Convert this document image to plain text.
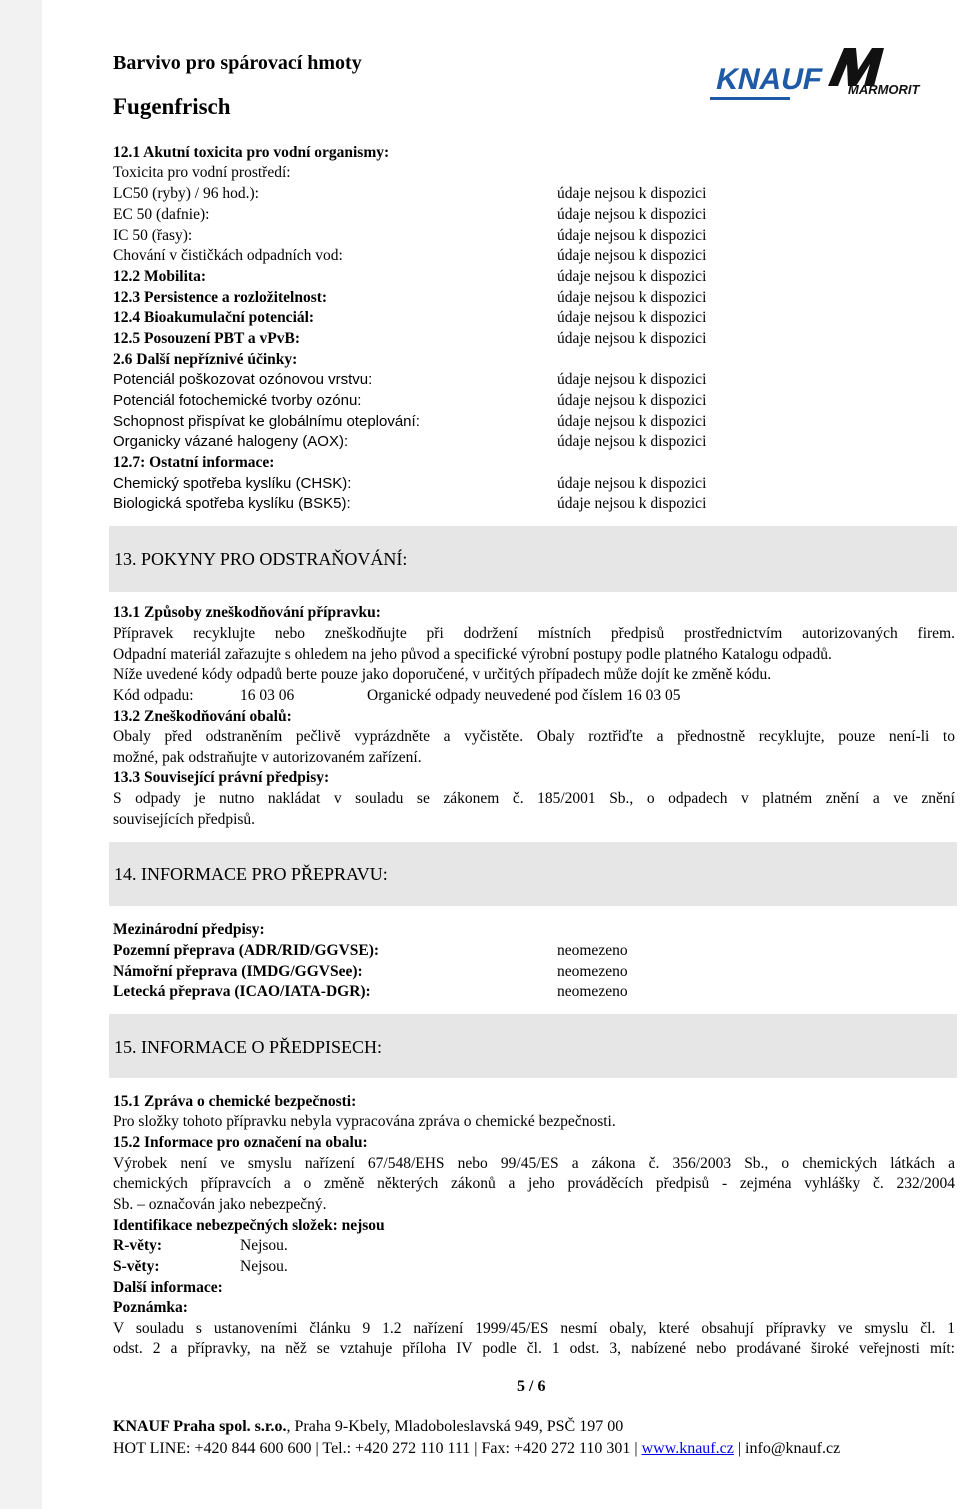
Barvivo pro spárovací hmoty
Fugenfrisch
KNAUF MARMORIT
12.1 Akutní toxicita pro vodní organismy:
Toxicita pro vodní prostředí:
LC50 (ryby) / 96 hod.):	údaje nejsou k dispozici
EC 50 (dafnie):	údaje nejsou k dispozici
IC 50 (řasy):	údaje nejsou k dispozici
Chování v čističkách odpadních vod:	údaje nejsou k dispozici
12.2 Mobilita:	údaje nejsou k dispozici
12.3 Persistence a rozložitelnost:	údaje nejsou k dispozici
12.4 Bioakumulační potenciál:	údaje nejsou k dispozici
12.5 Posouzení PBT a vPvB:	údaje nejsou k dispozici
2.6 Další nepříznivé účinky:
Potenciál poškozovat ozónovou vrstvu:	údaje nejsou k dispozici
Potenciál fotochemické tvorby ozónu:	údaje nejsou k dispozici
Schopnost přispívat ke globálnímu oteplování:	údaje nejsou k dispozici
Organicky vázané halogeny (AOX):	údaje nejsou k dispozici
12.7: Ostatní informace:
Chemický spotřeba kyslíku (CHSK):	údaje nejsou k dispozici
Biologická spotřeba kyslíku (BSK5):	údaje nejsou k dispozici
13. POKYNY PRO ODSTRAŇOVÁNÍ:
13.1 Způsoby zneškodňování přípravku:
Přípravek recyklujte nebo zneškodňujte při dodržení místních předpisů prostřednictvím autorizovaných firem.
Odpadní materiál zařazujte s ohledem na jeho původ a specifické výrobní postupy podle platného Katalogu odpadů.
Níže uvedené kódy odpadů berte pouze jako doporučené, v určitých případech může dojít ke změně kódu.
Kód odpadu:	16 03 06	Organické odpady neuvedené pod číslem 16 03 05
13.2 Zneškodňování obalů:
Obaly před odstraněním pečlivě vyprázdněte a vyčistěte. Obaly roztřiďte a přednostně recyklujte, pouze není-li to
možné, pak odstraňujte v autorizovaném zařízení.
13.3 Související právní předpisy:
S odpady je nutno nakládat v souladu se zákonem č. 185/2001 Sb., o odpadech v platném znění a ve znění
souvisejících předpisů.
14. INFORMACE PRO PŘEPRAVU:
Mezinárodní předpisy:
Pozemní přeprava (ADR/RID/GGVSE):	neomezeno
Námořní přeprava (IMDG/GGVSee):	neomezeno
Letecká přeprava (ICAO/IATA-DGR):	neomezeno
15. INFORMACE O PŘEDPISECH:
15.1 Zpráva o chemické bezpečnosti:
Pro složky tohoto přípravku nebyla vypracována zpráva o chemické bezpečnosti.
15.2 Informace pro označení na obalu:
Výrobek není ve smyslu nařízení 67/548/EHS nebo 99/45/ES a zákona č. 356/2003 Sb., o chemických látkách a
chemických přípravcích a o změně některých zákonů a jeho prováděcích předpisů - zejména vyhlášky č. 232/2004
Sb. – označován jako nebezpečný.
Identifikace nebezpečných složek: nejsou
R-věty:	Nejsou.
S-věty:	Nejsou.
Další informace:
Poznámka:
V souladu s ustanoveními článku 9 1.2 nařízení 1999/45/ES nesmí obaly, které obsahují přípravky ve smyslu čl. 1
odst. 2 a přípravky, na něž se vztahuje příloha IV podle čl. 1 odst. 3, nabízené nebo prodávané široké veřejnosti mít:
5 / 6
KNAUF Praha spol. s.r.o., Praha 9-Kbely, Mladoboleslavská 949, PSČ 197 00
HOT LINE: +420 844 600 600 | Tel.: +420 272 110 111 | Fax: +420 272 110 301 | www.knauf.cz | info@knauf.cz
